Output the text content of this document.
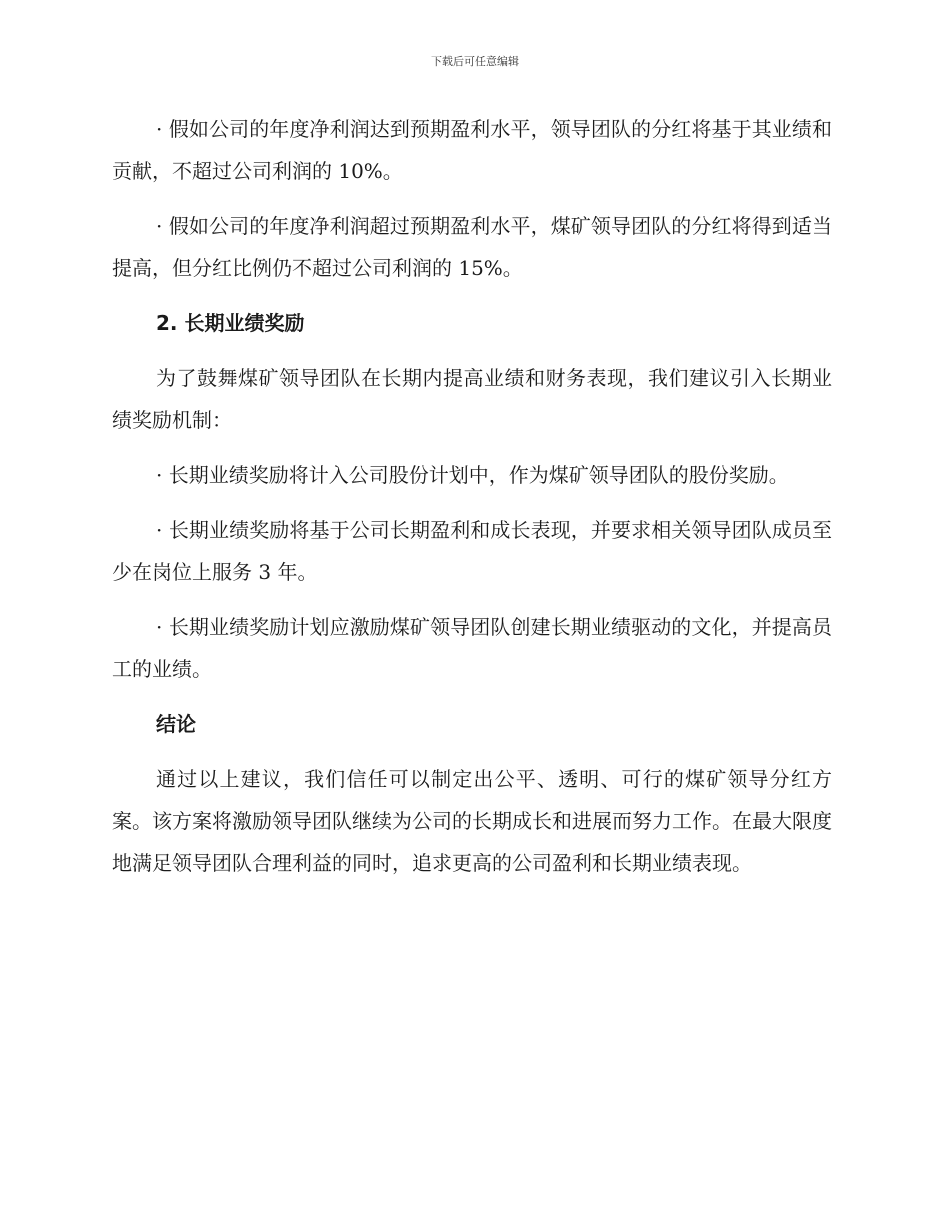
下载后可任意编辑

· 假如公司的年度净利润达到预期盈利水平，领导团队的分红将基于其业绩和贡献，不超过公司利润的 10%。

· 假如公司的年度净利润超过预期盈利水平，煤矿领导团队的分红将得到适当提高，但分红比例仍不超过公司利润的 15%。

2. 长期业绩奖励

为了鼓舞煤矿领导团队在长期内提高业绩和财务表现，我们建议引入长期业绩奖励机制：

· 长期业绩奖励将计入公司股份计划中，作为煤矿领导团队的股份奖励。

· 长期业绩奖励将基于公司长期盈利和成长表现，并要求相关领导团队成员至少在岗位上服务 3 年。

· 长期业绩奖励计划应激励煤矿领导团队创建长期业绩驱动的文化，并提高员工的业绩。

结论

通过以上建议，我们信任可以制定出公平、透明、可行的煤矿领导分红方案。该方案将激励领导团队继续为公司的长期成长和进展而努力工作。在最大限度地满足领导团队合理利益的同时，追求更高的公司盈利和长期业绩表现。
